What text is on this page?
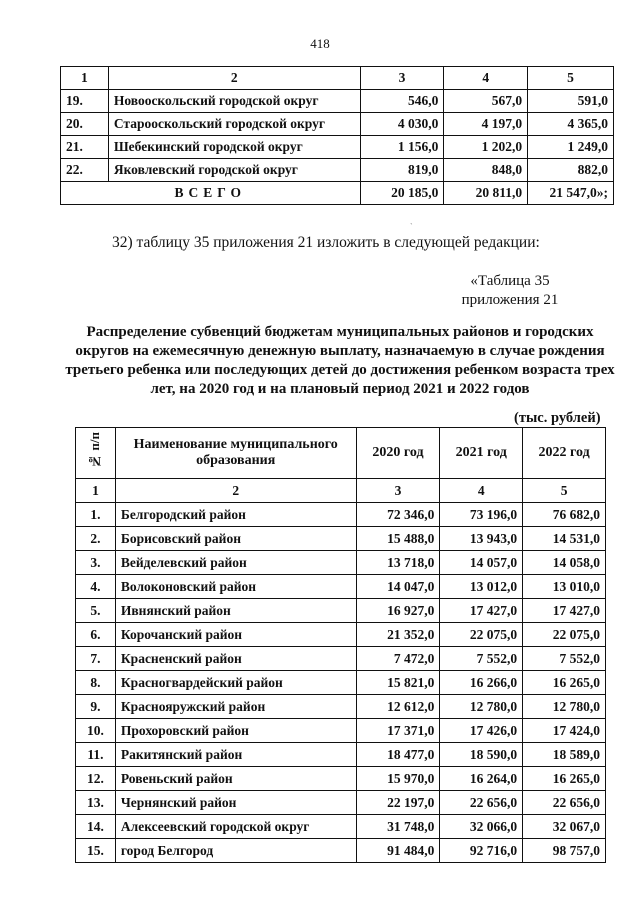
418
1	2	3	4	5
19.	Новооскольский городской округ	546,0	567,0	591,0
20.	Старооскольский городской округ	4 030,0	4 197,0	4 365,0
21.	Шебекинский городской округ	1 156,0	1 202,0	1 249,0
22.	Яковлевский городской округ	819,0	848,0	882,0
ВСЕГО		20 185,0	20 811,0	21 547,0»;
`
32) таблицу 35 приложения 21 изложить в следующей редакции:
«Таблица 35
приложения 21
Распределение субвенций бюджетам муниципальных районов и городских округов на ежемесячную денежную выплату, назначаемую в случае рождения третьего ребенка или последующих детей до достижения ребенком возраста трех лет, на 2020 год и на плановый период 2021 и 2022 годов
(тыс. рублей)
№ п/п	Наименование муниципального образования	2020 год	2021 год	2022 год
1	2	3	4	5
1.	Белгородский район	72 346,0	73 196,0	76 682,0
2.	Борисовский район	15 488,0	13 943,0	14 531,0
3.	Вейделевский район	13 718,0	14 057,0	14 058,0
4.	Волоконовский район	14 047,0	13 012,0	13 010,0
5.	Ивнянский район	16 927,0	17 427,0	17 427,0
6.	Корочанский район	21 352,0	22 075,0	22 075,0
7.	Красненский район	7 472,0	7 552,0	7 552,0
8.	Красногвардейский район	15 821,0	16 266,0	16 265,0
9.	Краснояружский район	12 612,0	12 780,0	12 780,0
10.	Прохоровский район	17 371,0	17 426,0	17 424,0
11.	Ракитянский район	18 477,0	18 590,0	18 589,0
12.	Ровеньский район	15 970,0	16 264,0	16 265,0
13.	Чернянский район	22 197,0	22 656,0	22 656,0
14.	Алексеевский городской округ	31 748,0	32 066,0	32 067,0
15.	город Белгород	91 484,0	92 716,0	98 757,0
